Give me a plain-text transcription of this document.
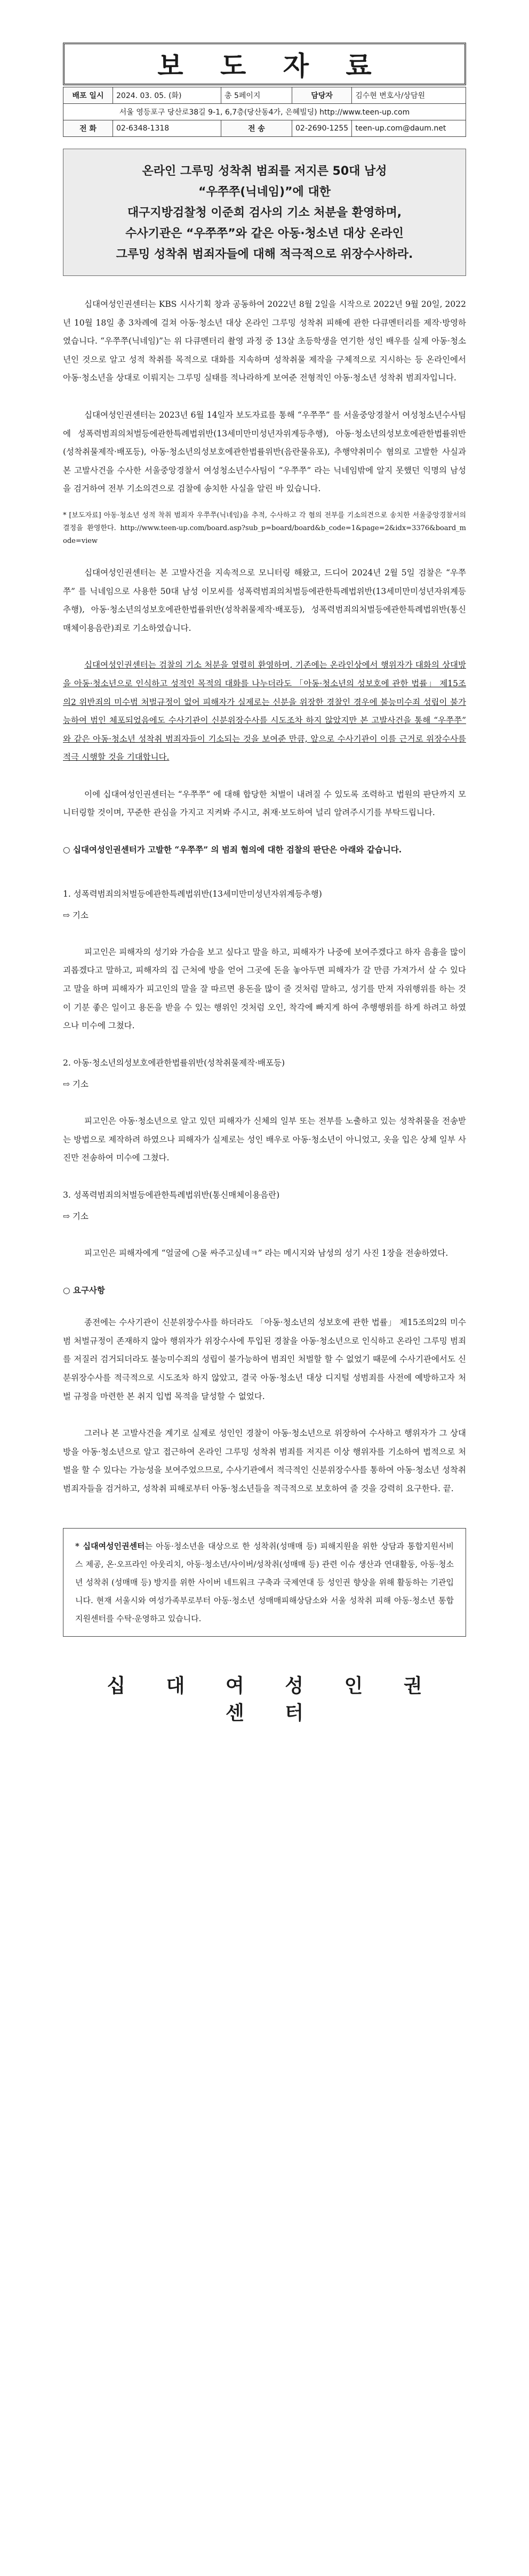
보 도 자 료
배포 일시	2024. 03. 05. (화)	총 5페이지	담당자	김수현 변호사/상담원
서울 영등포구 당산로38길 9-1, 6,7층(당산동4가, 은혜빌딩) http://www.teen-up.com				
전 화	02-6348-1318	전 송	02-2690-1255	teen-up.com@daum.net
온라인 그루밍 성착취 범죄를 저지른 50대 남성
“우쭈쭈(닉네임)”에 대한
대구지방검찰청 이준희 검사의 기소 처분을 환영하며,
수사기관은 “우쭈쭈”와 같은 아동·청소년 대상 온라인
그루밍 성착취 범죄자들에 대해 적극적으로 위장수사하라.

십대여성인권센터는 KBS 시사기획 창과 공동하여 2022년 8월 2일을 시작으로 2022년 9월 20일, 2022년 10월 18일 총 3차례에 걸쳐 아동·청소년 대상 온라인 그루밍 성착취 피해에 관한 다큐멘터리를 제작·방영하였습니다. “우쭈쭈(닉네임)”는 위 다큐멘터리 촬영 과정 중 13살 초등학생을 연기한 성인 배우를 실제 아동·청소년인 것으로 알고 성적 착취를 목적으로 대화를 지속하며 성착취물 제작을 구체적으로 지시하는 등 온라인에서 아동·청소년을 상대로 이뤄지는 그루밍 실태를 적나라하게 보여준 전형적인 아동·청소년 성착취 범죄자입니다.

십대여성인권센터는 2023년 6월 14일자 보도자료를 통해 “우쭈쭈” 를 서울중앙경찰서 여성청소년수사팀에 성폭력범죄의처벌등에관한특례법위반(13세미만미성년자위계등추행), 아동·청소년의성보호에관한법률위반(성착취물제작·배포등), 아동·청소년의성보호에관한법률위반(음란물유포), 추행약취미수 혐의로 고발한 사실과 본 고발사건을 수사한 서울중앙경찰서 여성청소년수사팀이 “우쭈쭈” 라는 닉네임밖에 알지 못했던 익명의 남성을 검거하여 전부 기소의견으로 검찰에 송치한 사실을 알린 바 있습니다.

* [보도자료] 아동·청소년 성적 착취 범죄자 우쭈쭈(닉네임)을 추적, 수사하고 각 혐의 전부를 기소의견으로 송치한 서울중앙경찰서의 결정을 환영한다. http://www.teen-up.com/board.asp?sub_p=board/board&b_code=1&page=2&idx=3376&board_mode=view

십대여성인권센터는 본 고발사건을 지속적으로 모니터링 해왔고, 드디어 2024년 2월 5일 검찰은 “우쭈쭈” 를 닉네임으로 사용한 50대 남성 이모씨를 성폭력범죄의처벌등에관한특례법위반(13세미만미성년자위계등추행), 아동·청소년의성보호에관한법률위반(성착취물제작·배포등), 성폭력범죄의처벌등에관한특례법위반(통신매체이용음란)죄로 기소하였습니다.

십대여성인권센터는 검찰의 기소 처분을 열렬히 환영하며, 기존에는 온라인상에서 행위자가 대화의 상대방을 아동·청소년으로 인식하고 성적인 목적의 대화를 나누더라도 「아동·청소년의 성보호에 관한 법률」 제15조의2 위반죄의 미수범 처벌규정이 없어 피해자가 실제로는 신분을 위장한 경찰인 경우에 불능미수죄 성립이 불가능하여 범인 체포되었음에도 수사기관이 신분위장수사를 시도조차 하지 않았지만 본 고발사건을 통해 “우쭈쭈” 와 같은 아동·청소년 성착취 범죄자들이 기소되는 것을 보여준 만큼, 앞으로 수사기관이 이를 근거로 위장수사를 적극 시행할 것을 기대합니다.

이에 십대여성인권센터는 “우쭈쭈” 에 대해 합당한 처벌이 내려질 수 있도록 조력하고 법원의 판단까지 모니터링할 것이며, 꾸준한 관심을 가지고 지켜봐 주시고, 취재·보도하여 널리 알려주시기를 부탁드립니다.

○ 십대여성인권센터가 고발한 “우쭈쭈” 의 범죄 혐의에 대한 검찰의 판단은 아래와 같습니다.
1. 성폭력범죄의처벌등에관한특례법위반(13세미만미성년자위계등추행)
⇨ 기소

피고인은 피해자의 성기와 가슴을 보고 싶다고 말을 하고, 피해자가 나중에 보여주겠다고 하자 음흉을 많이 괴롭겠다고 말하고, 피해자의 집 근처에 방을 얻어 그곳에 돈을 놓아두면 피해자가 갈 만큼 가져가서 살 수 있다고 말을 하며 피해자가 피고인의 말을 잘 따르면 용돈을 많이 줄 것처럼 말하고, 성기를 만져 자위행위를 하는 것이 기분 좋은 일이고 용돈을 받을 수 있는 행위인 것처럼 오인, 착각에 빠지게 하여 추행행위를 하게 하려고 하였으나 미수에 그쳤다.

2. 아동·청소년의성보호에관한법률위반(성착취물제작·배포등)
⇨ 기소

피고인은 아동·청소년으로 알고 있던 피해자가 신체의 일부 또는 전부를 노출하고 있는 성착취물을 전송받는 방법으로 제작하려 하였으나 피해자가 실제로는 성인 배우로 아동·청소년이 아니었고, 옷을 입은 상체 일부 사진만 전송하여 미수에 그쳤다.

3. 성폭력범죄의처벌등에관한특례법위반(통신매체이용음란)
⇨ 기소

피고인은 피해자에게 “얼굴에 ○물 싸주고싶네ㅋ” 라는 메시지와 남성의 성기 사진 1장을 전송하였다.

○ 요구사항

종전에는 수사기관이 신분위장수사를 하더라도 「아동·청소년의 성보호에 관한 법률」 제15조의2의 미수범 처벌규정이 존재하지 않아 행위자가 위장수사에 투입된 경찰을 아동·청소년으로 인식하고 온라인 그루밍 범죄를 저질러 검거되더라도 불능미수죄의 성립이 불가능하여 범죄인 처벌할 할 수 없었기 때문에 수사기관에서도 신분위장수사를 적극적으로 시도조차 하지 않았고, 결국 아동·청소년 대상 디지털 성범죄를 사전에 예방하고자 처벌 규정을 마련한 본 취지 입법 목적을 달성할 수 없었다.

그러나 본 고발사건을 계기로 실제로 성인인 경찰이 아동·청소년으로 위장하여 수사하고 행위자가 그 상대방을 아동·청소년으로 알고 접근하여 온라인 그루밍 성착취 범죄를 저지른 이상 행위자를 기소하여 법적으로 처벌을 할 수 있다는 가능성을 보여주었으므로, 수사기관에서 적극적인 신분위장수사를 통하여 아동·청소년 성착취 범죄자들을 검거하고, 성착취 피해로부터 아동·청소년들을 적극적으로 보호하여 줄 것을 강력히 요구한다. 끝.

* 십대여성인권센터는 아동·청소년을 대상으로 한 성착취(성매매 등) 피해지원을 위한 상담과 통합지원서비스 제공, 온·오프라인 아웃리치, 아동·청소년/사이버/성착취(성매매 등) 관련 이슈 생산과 연대활동, 아동·청소년 성착취 (성매매 등) 방지를 위한 사이버 네트워크 구축과 국제연대 등 성인권 향상을 위해 활동하는 기관입니다. 현재 서울시와 여성가족부로부터 아동·청소년 성매매피해상담소와 서울 성착취 피해 아동·청소년 통합지원센터를 수탁·운영하고 있습니다.
십 대 여 성 인 권 센 터
